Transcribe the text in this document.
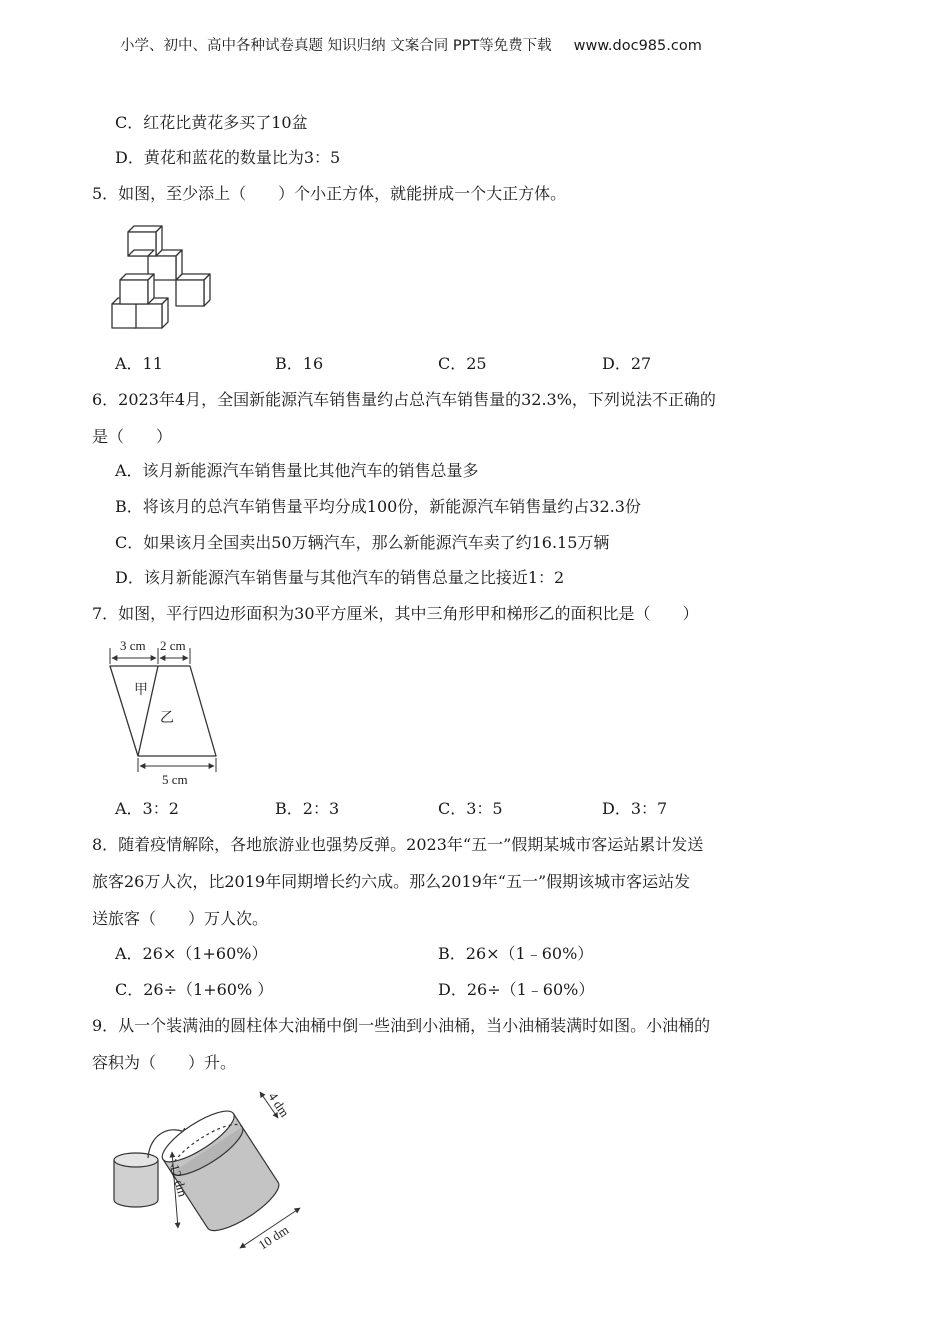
小学、初中、高中各种试卷真题 知识归纳 文案合同 PPT等免费下载 www.doc985.com
C．红花比黄花多买了10盆
D．黄花和蓝花的数量比为3：5
5．如图，至少添上（　　）个小正方体，就能拼成一个大正方体。
A．11	B．16	C．25	D．27
6．2023年4月，全国新能源汽车销售量约占总汽车销售量的32.3%，下列说法不正确的
是（　　）
A．该月新能源汽车销售量比其他汽车的销售总量多
B．将该月的总汽车销售量平均分成100份，新能源汽车销售量约占32.3份
C．如果该月全国卖出50万辆汽车，那么新能源汽车卖了约16.15万辆
D．该月新能源汽车销售量与其他汽车的销售总量之比接近1：2
7．如图，平行四边形面积为30平方厘米，其中三角形甲和梯形乙的面积比是（　　）
3 cm 2 cm
甲
乙
5 cm
A．3：2	B．2：3	C．3：5	D．3：7
8．随着疫情解除，各地旅游业也强势反弹。2023年“五一”假期某城市客运站累计发送
旅客26万人次，比2019年同期增长约六成。那么2019年“五一”假期该城市客运站发
送旅客（　　）万人次。
A．26×（1+60%）	B．26×（1﹣60%）
C．26÷（1+60% ）	D．26÷（1﹣60%）
9．从一个装满油的圆柱体大油桶中倒一些油到小油桶，当小油桶装满时如图。小油桶的
容积为（　　）升。
4 dm
12 dm
10 dm
